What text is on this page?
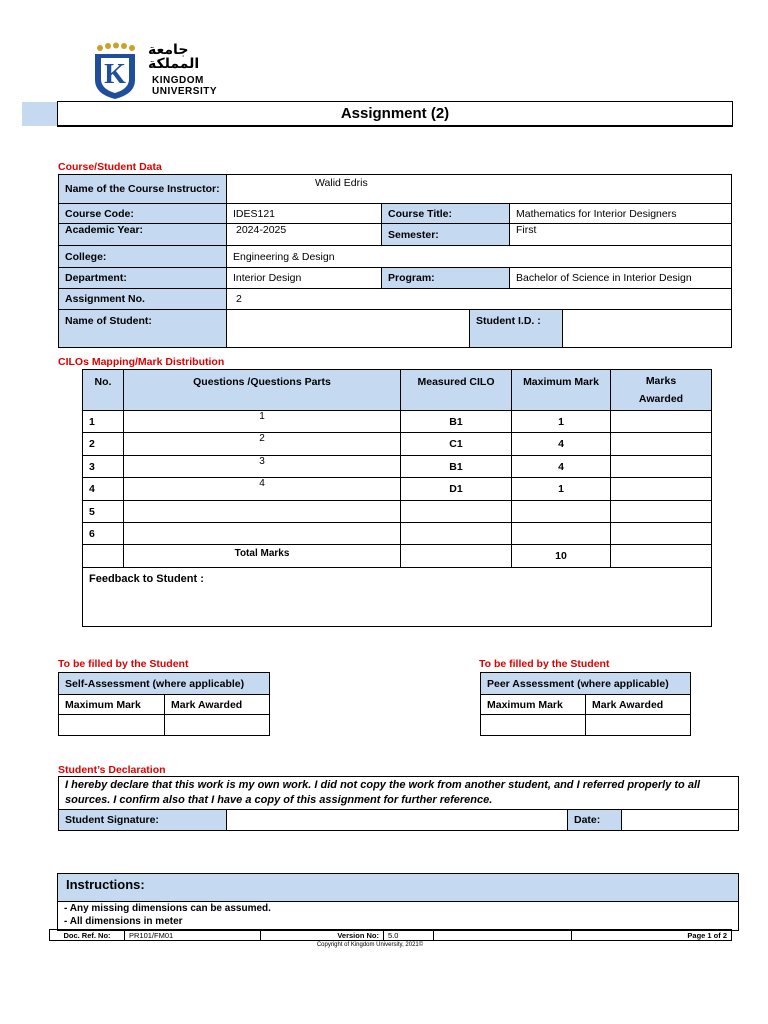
K
جامعة
المملكة
KINGDOM
UNIVERSITY
Assignment (2)
Course/Student Data
Name of the Course Instructor:	Walid Edris		
Course Code:	IDES121	Course Title:	Mathematics for Interior Designers
Academic Year:	2024-2025	Semester:	First
College:	Engineering & Design		
Department:	Interior Design	Program:	Bachelor of Science in Interior Design
Assignment No.	2		
Name of Student:		Student I.D. :	
CILOs Mapping/Mark Distribution
No.	Questions /Questions Parts	Measured CILO	Maximum Mark	Marks Awarded
1	1	B1	1	
2	2	C1	4	
3	3	B1	4	
4	4	D1	1	
5				
6				
	Total Marks		10	
Feedback to Student :				
To be filled by the Student
Self-Assessment (where applicable)	
Maximum Mark	Mark Awarded

To be filled by the Student
Peer Assessment (where applicable)	
Maximum Mark	Mark Awarded

Student’s Declaration
I hereby declare that this work is my own work. I did not copy the work from another student, and I referred properly to all
sources. I confirm also that I have a copy of this assignment for further reference.

Student Signature:		Date:	
Instructions:
- Any missing dimensions can be assumed.
- All dimensions in meter
Doc. Ref. No:	PR101/FM01	Version No:	5.0		Page 1 of 2
Copyright of Kingdom University, 2021©
